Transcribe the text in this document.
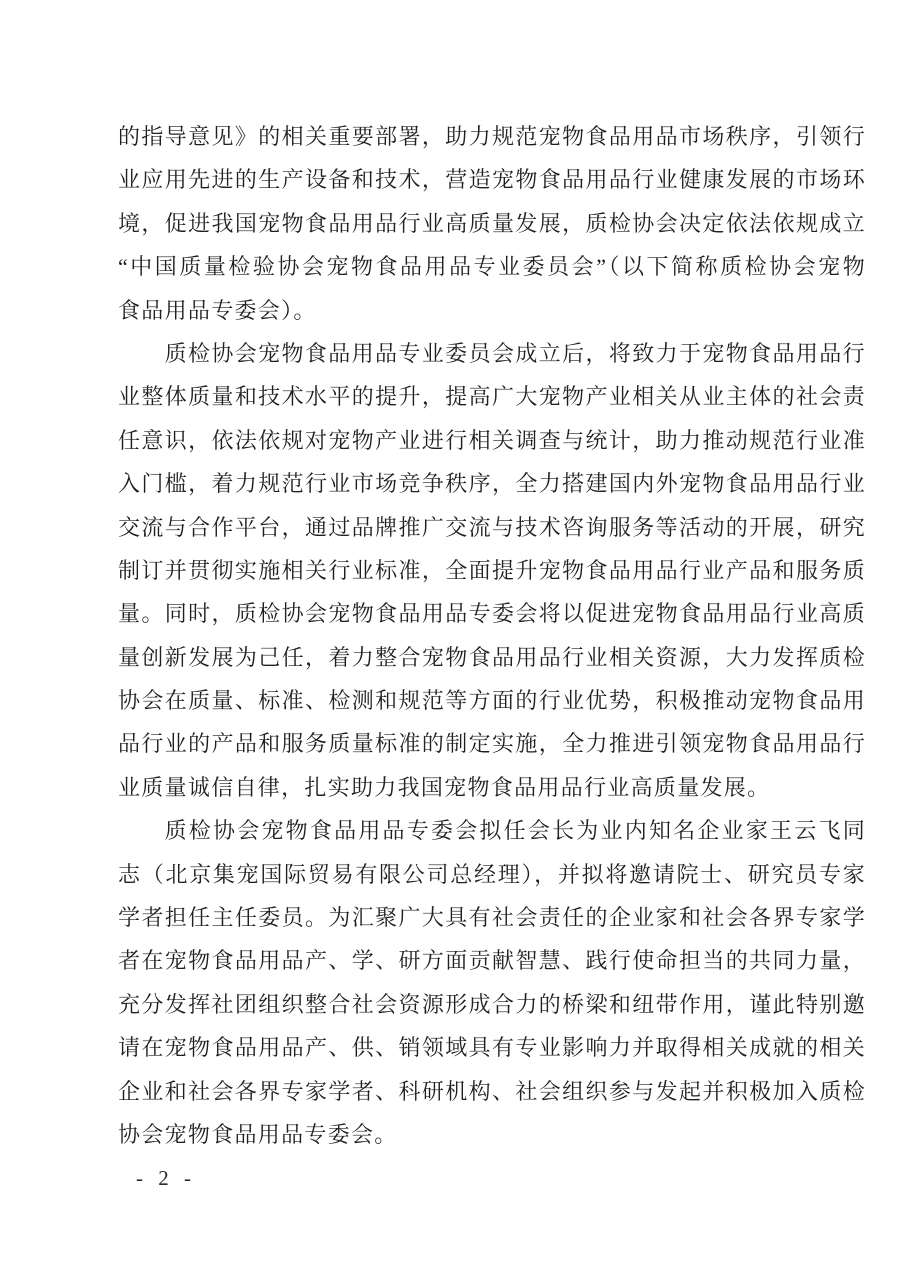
的指导意见》的相关重要部署，助力规范宠物食品用品市场秩序，引领行
业应用先进的生产设备和技术，营造宠物食品用品行业健康发展的市场环
境，促进我国宠物食品用品行业高质量发展，质检协会决定依法依规成立
“中国质量检验协会宠物食品用品专业委员会”（以下简称质检协会宠物
食品用品专委会）。
质检协会宠物食品用品专业委员会成立后，将致力于宠物食品用品行
业整体质量和技术水平的提升，提高广大宠物产业相关从业主体的社会责
任意识，依法依规对宠物产业进行相关调查与统计，助力推动规范行业准
入门槛，着力规范行业市场竞争秩序，全力搭建国内外宠物食品用品行业
交流与合作平台，通过品牌推广交流与技术咨询服务等活动的开展，研究
制订并贯彻实施相关行业标准，全面提升宠物食品用品行业产品和服务质
量。同时，质检协会宠物食品用品专委会将以促进宠物食品用品行业高质
量创新发展为己任，着力整合宠物食品用品行业相关资源，大力发挥质检
协会在质量、标准、检测和规范等方面的行业优势，积极推动宠物食品用
品行业的产品和服务质量标准的制定实施，全力推进引领宠物食品用品行
业质量诚信自律，扎实助力我国宠物食品用品行业高质量发展。
质检协会宠物食品用品专委会拟任会长为业内知名企业家王云飞同
志（北京集宠国际贸易有限公司总经理），并拟将邀请院士、研究员专家
学者担任主任委员。为汇聚广大具有社会责任的企业家和社会各界专家学
者在宠物食品用品产、学、研方面贡献智慧、践行使命担当的共同力量，
充分发挥社团组织整合社会资源形成合力的桥梁和纽带作用，谨此特别邀
请在宠物食品用品产、供、销领域具有专业影响力并取得相关成就的相关
企业和社会各界专家学者、科研机构、社会组织参与发起并积极加入质检
协会宠物食品用品专委会。
- 2 -
